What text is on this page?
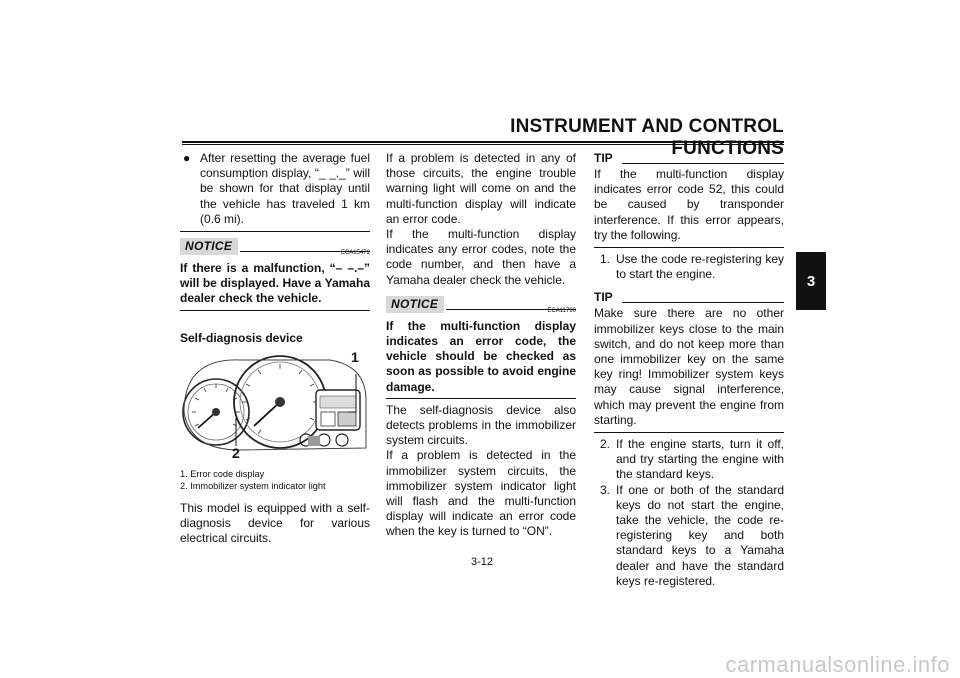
INSTRUMENT AND CONTROL FUNCTIONS
3

● After resetting the average fuel consumption display, “_ _._” will be shown for that display until the vehicle has traveled 1 km (0.6 mi).

NOTICE	ECA15472

If there is a malfunction, “– –.–” will be displayed. Have a Yamaha dealer check the vehicle.

Self-diagnosis device

1
2
1. Error code display
2. Immobilizer system indicator light

This model is equipped with a self-diagnosis device for various electrical circuits.

If a problem is detected in any of those circuits, the engine trouble warning light will come on and the multi-function display will indicate an error code.

If the multi-function display indicates any error codes, note the code number, and then have a Yamaha dealer check the vehicle.

NOTICE	ECA11790

If the multi-function display indicates an error code, the vehicle should be checked as soon as possible to avoid engine damage.

The self-diagnosis device also detects problems in the immobilizer system circuits.

If a problem is detected in the immobilizer system circuits, the immobilizer system indicator light will flash and the multi-function display will indicate an error code when the key is turned to “ON”.

TIP

If the multi-function display indicates error code 52, this could be caused by transponder interference. If this error appears, try the following.

1. Use the code re-registering key to start the engine.

TIP

Make sure there are no other immobilizer keys close to the main switch, and do not keep more than one immobilizer key on the same key ring! Immobilizer system keys may cause signal interference, which may prevent the engine from starting.

2. If the engine starts, turn it off, and try starting the engine with the standard keys.

3. If one or both of the standard keys do not start the engine, take the vehicle, the code re-registering key and both standard keys to a Yamaha dealer and have the standard keys re-registered.

3-12
carmanualsonline.info
